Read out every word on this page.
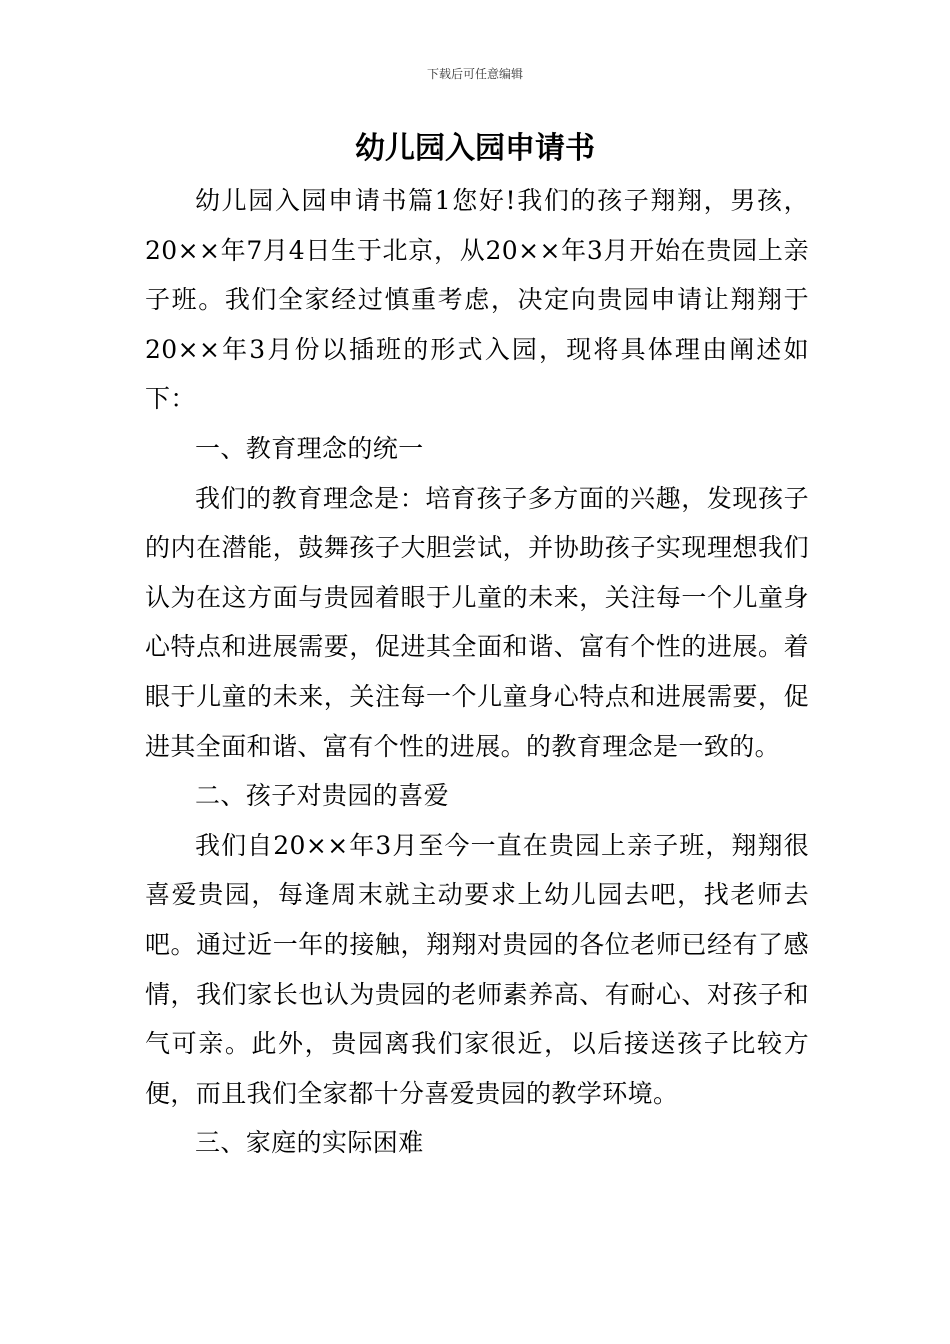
下载后可任意编辑
幼儿园入园申请书

幼儿园入园申请书篇1您好!我们的孩子翔翔，男孩，20××年7月4日生于北京，从20××年3月开始在贵园上亲子班。我们全家经过慎重考虑，决定向贵园申请让翔翔于20××年3月份以插班的形式入园，现将具体理由阐述如下：

一、教育理念的统一

我们的教育理念是：培育孩子多方面的兴趣，发现孩子的内在潜能，鼓舞孩子大胆尝试，并协助孩子实现理想我们认为在这方面与贵园着眼于儿童的未来，关注每一个儿童身心特点和进展需要，促进其全面和谐、富有个性的进展。着眼于儿童的未来，关注每一个儿童身心特点和进展需要，促进其全面和谐、富有个性的进展。的教育理念是一致的。

二、孩子对贵园的喜爱

我们自20××年3月至今一直在贵园上亲子班，翔翔很喜爱贵园，每逢周末就主动要求上幼儿园去吧，找老师去吧。通过近一年的接触，翔翔对贵园的各位老师已经有了感情，我们家长也认为贵园的老师素养高、有耐心、对孩子和气可亲。此外，贵园离我们家很近，以后接送孩子比较方便，而且我们全家都十分喜爱贵园的教学环境。

三、家庭的实际困难
